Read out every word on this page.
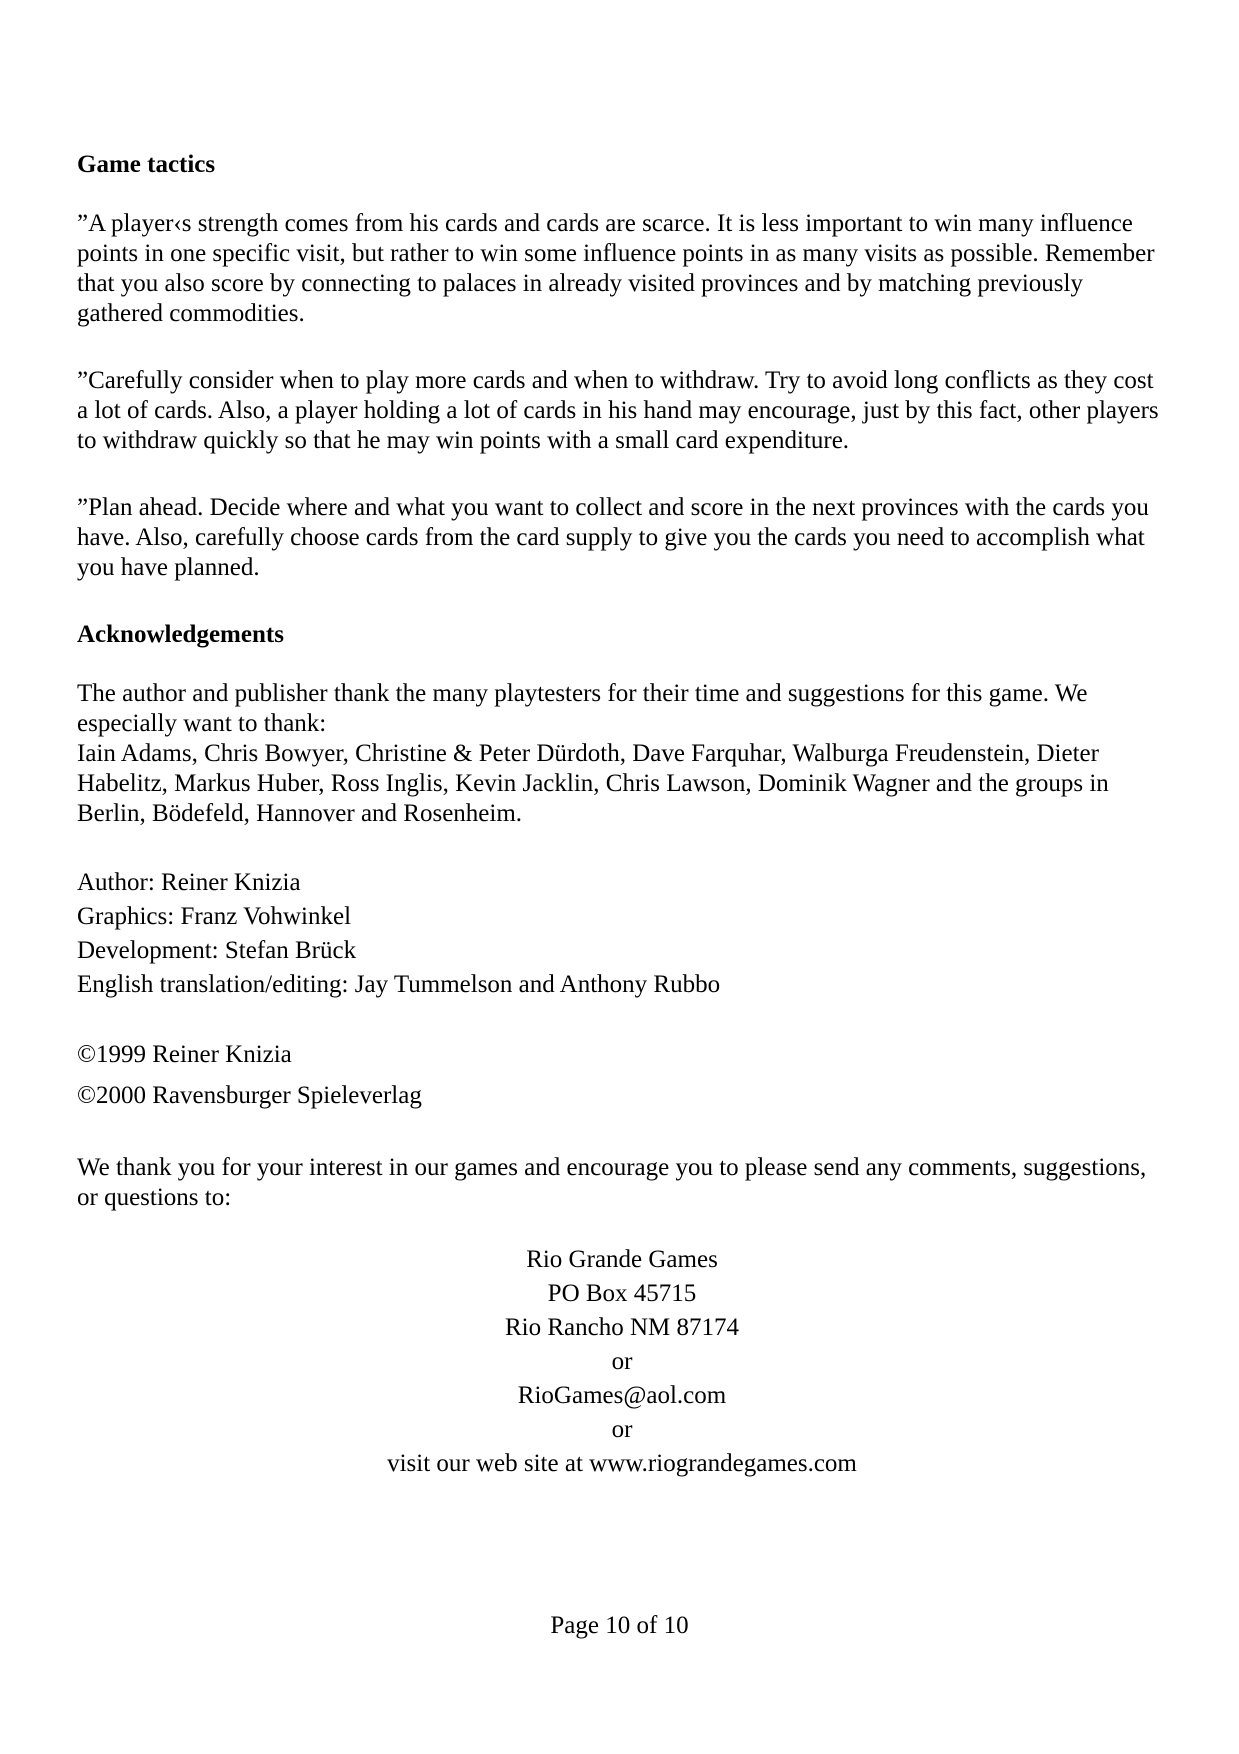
Game tactics

”A player‹s strength comes from his cards and cards are scarce. It is less important to win many influence points in one specific visit, but rather to win some influence points in as many visits as possible. Remember that you also score by connecting to palaces in already visited provinces and by matching previously gathered commodities.

”Carefully consider when to play more cards and when to withdraw. Try to avoid long conflicts as they cost a lot of cards. Also, a player holding a lot of cards in his hand may encourage, just by this fact, other players to withdraw quickly so that he may win points with a small card expenditure.

”Plan ahead. Decide where and what you want to collect and score in the next provinces with the cards you have. Also, carefully choose cards from the card supply to give you the cards you need to accomplish what you have planned.

Acknowledgements

The author and publisher thank the many playtesters for their time and suggestions for this game. We especially want to thank:

Iain Adams, Chris Bowyer, Christine & Peter Dürdoth, Dave Farquhar, Walburga Freudenstein, Dieter Habelitz, Markus Huber, Ross Inglis, Kevin Jacklin, Chris Lawson, Dominik Wagner and the groups in Berlin, Bödefeld, Hannover and Rosenheim.

Author: Reiner Knizia
Graphics: Franz Vohwinkel
Development: Stefan Brück
English translation/editing: Jay Tummelson and Anthony Rubbo
©1999 Reiner Knizia
©2000 Ravensburger Spieleverlag

We thank you for your interest in our games and encourage you to please send any comments, suggestions, or questions to:

Rio Grande Games
PO Box 45715
Rio Rancho NM 87174
or
RioGames@aol.com
or
visit our web site at www.riograndegames.com
Page 10 of 10
